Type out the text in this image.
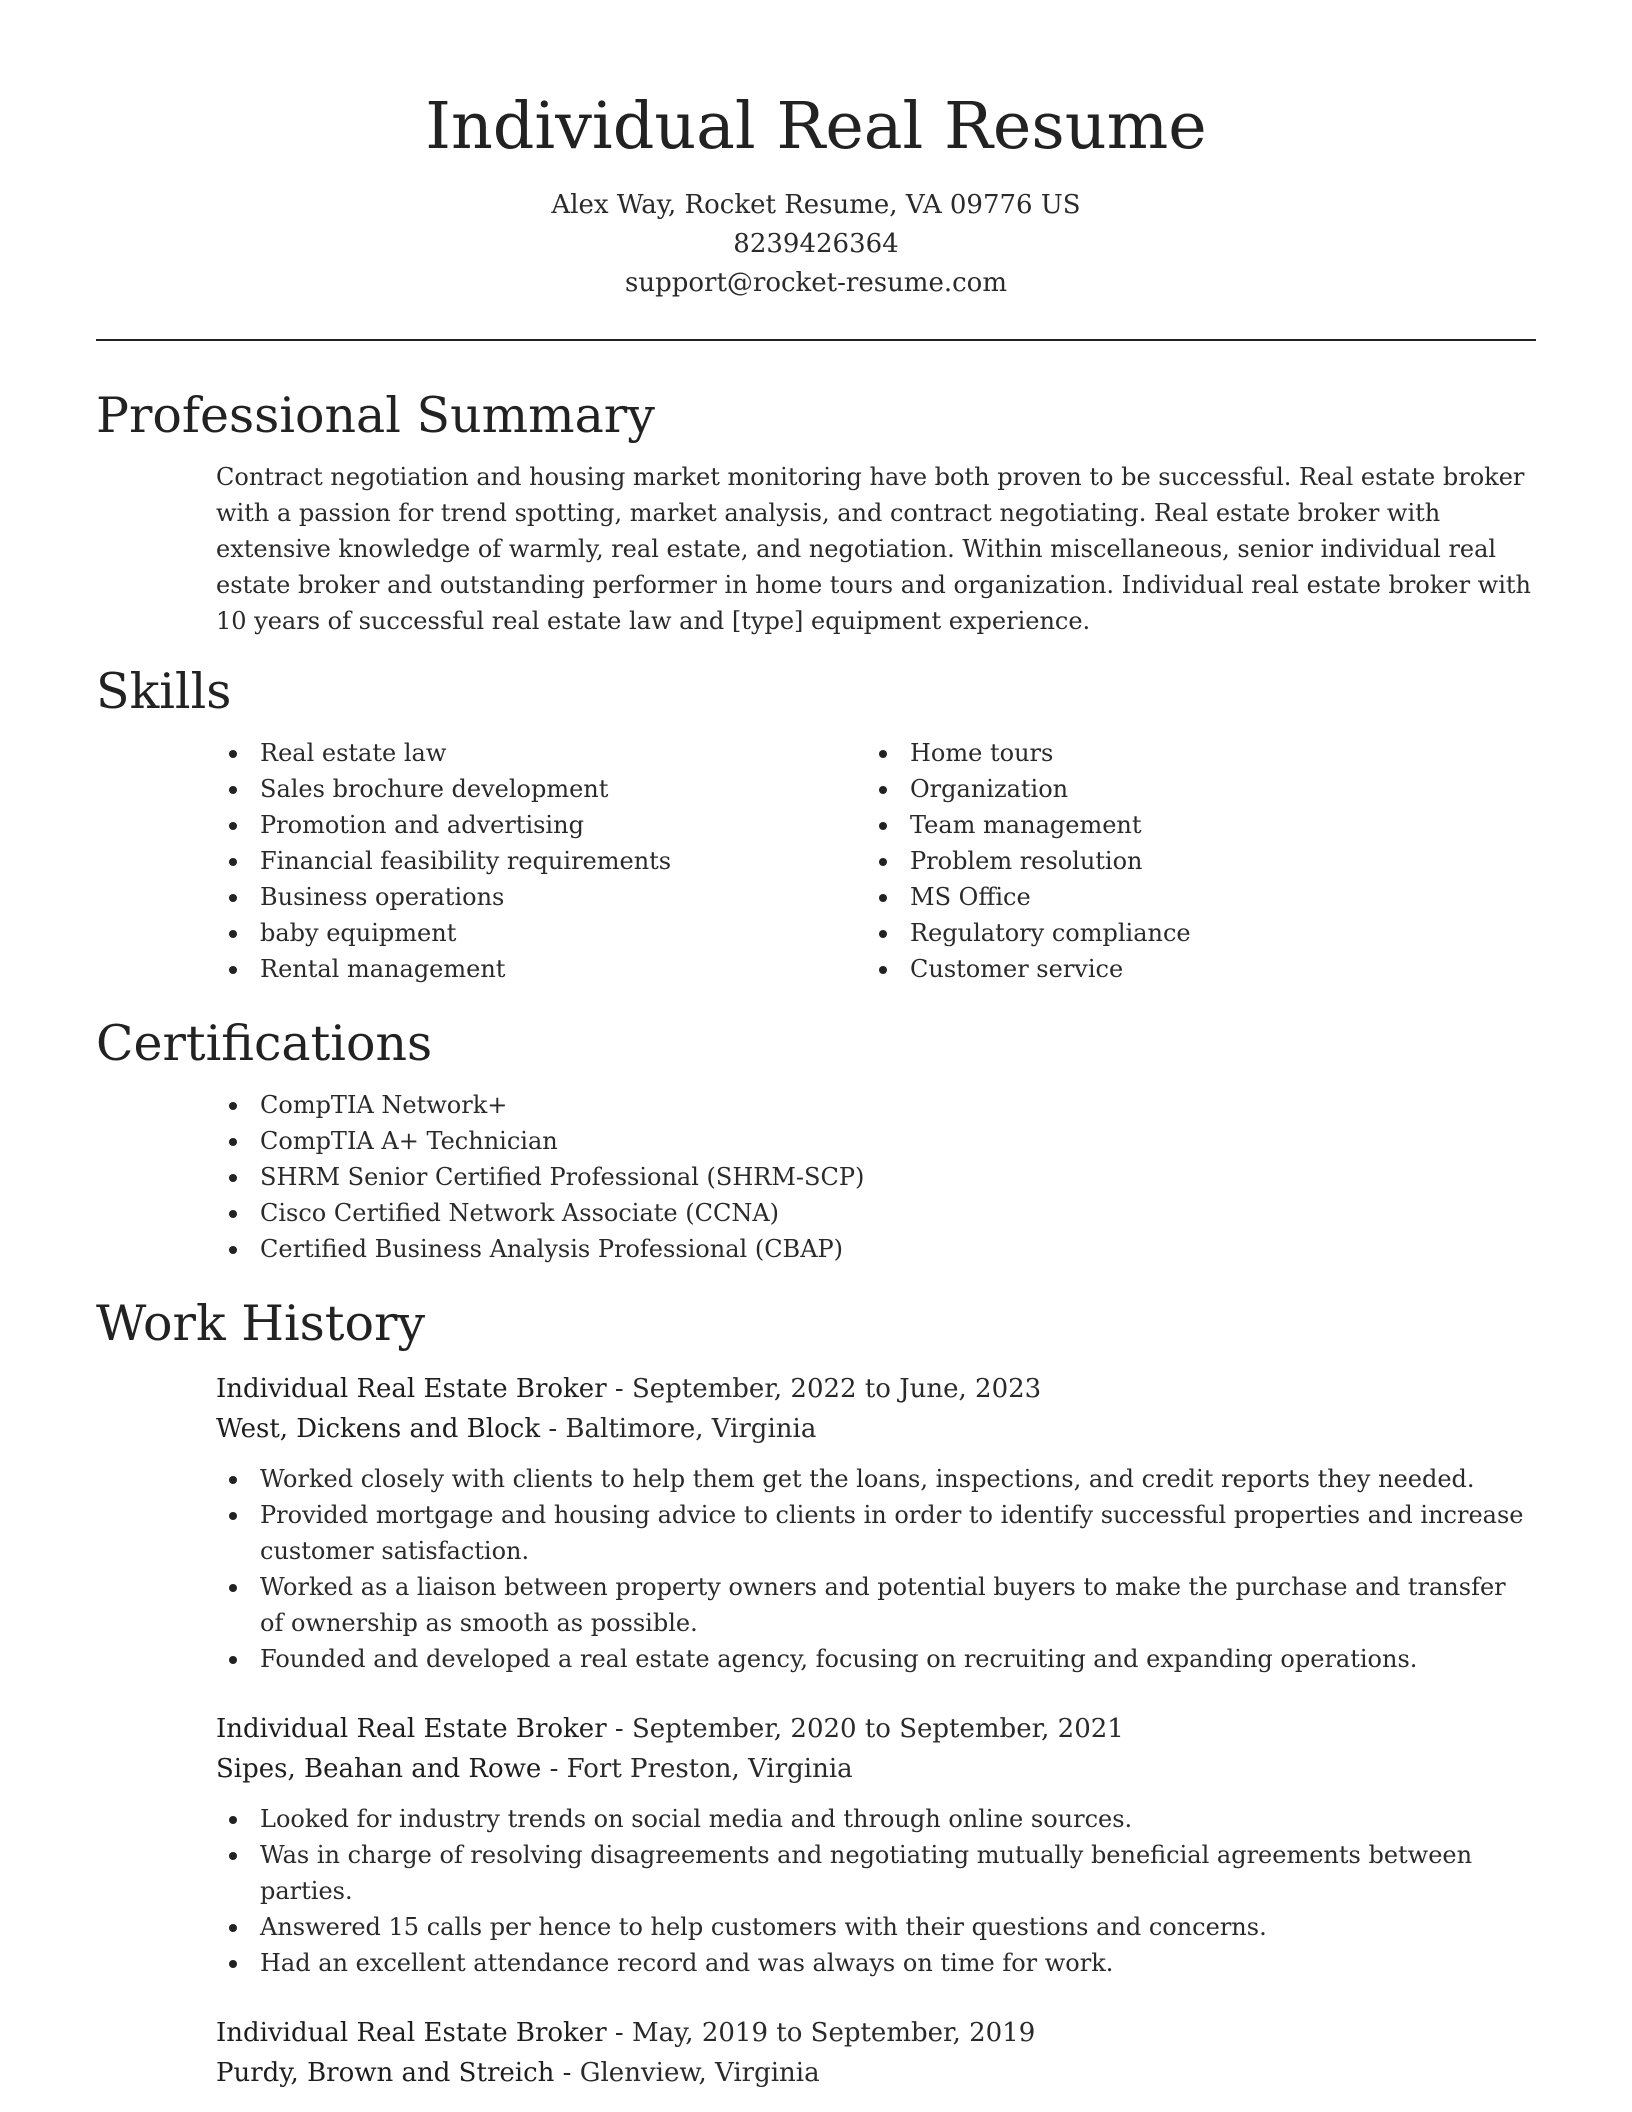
Individual Real Resume
Alex Way, Rocket Resume, VA 09776 US
8239426364
support@rocket-resume.com
Professional Summary

Contract negotiation and housing market monitoring have both proven to be successful. Real estate broker with a passion for trend spotting, market analysis, and contract negotiating. Real estate broker with extensive knowledge of warmly, real estate, and negotiation. Within miscellaneous, senior individual real estate broker and outstanding performer in home tours and organization. Individual real estate broker with 10 years of successful real estate law and [type] equipment experience.

Skills
Real estate law
Sales brochure development
Promotion and advertising
Financial feasibility requirements
Business operations
baby equipment
Rental management
Home tours
Organization
Team management
Problem resolution
MS Office
Regulatory compliance
Customer service
Certifications
CompTIA Network+
CompTIA A+ Technician
SHRM Senior Certified Professional (SHRM-SCP)
Cisco Certified Network Associate (CCNA)
Certified Business Analysis Professional (CBAP)
Work History
Individual Real Estate Broker - September, 2022 to June, 2023
West, Dickens and Block - Baltimore, Virginia
Worked closely with clients to help them get the loans, inspections, and credit reports they needed.
Provided mortgage and housing advice to clients in order to identify successful properties and increase customer satisfaction.
Worked as a liaison between property owners and potential buyers to make the purchase and transfer of ownership as smooth as possible.
Founded and developed a real estate agency, focusing on recruiting and expanding operations.
Individual Real Estate Broker - September, 2020 to September, 2021
Sipes, Beahan and Rowe - Fort Preston, Virginia
Looked for industry trends on social media and through online sources.
Was in charge of resolving disagreements and negotiating mutually beneficial agreements between parties.
Answered 15 calls per hence to help customers with their questions and concerns.
Had an excellent attendance record and was always on time for work.
Individual Real Estate Broker - May, 2019 to September, 2019
Purdy, Brown and Streich - Glenview, Virginia
